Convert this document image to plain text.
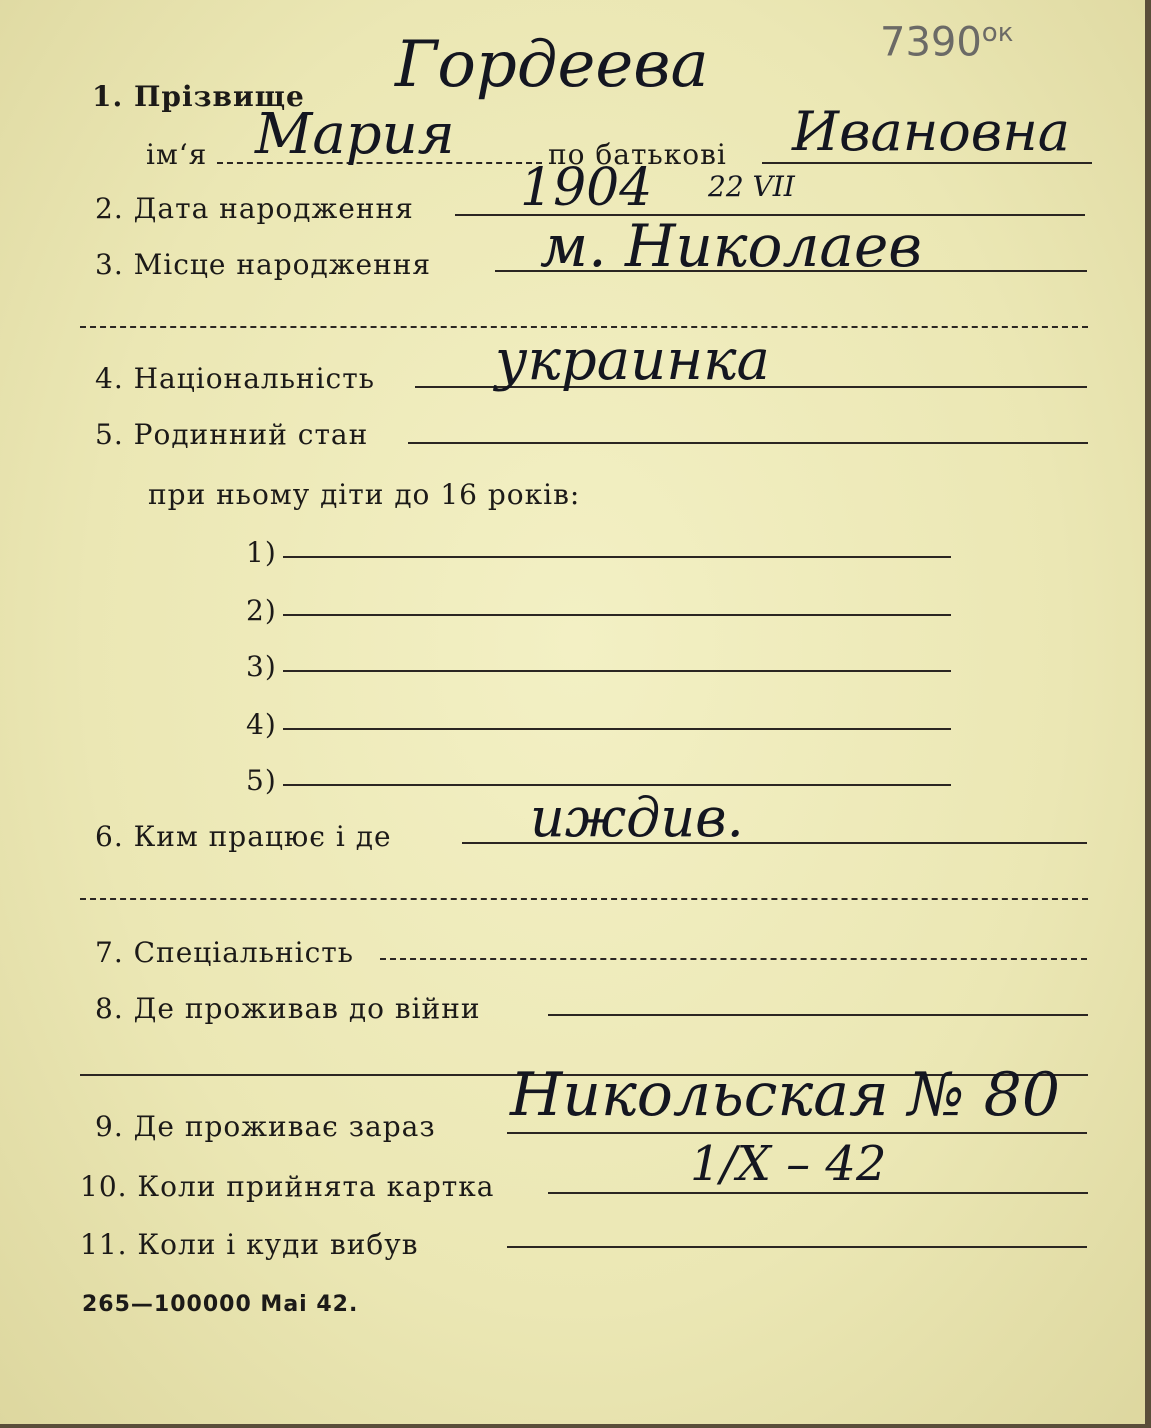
$7390^{ок}$
1. Прізвище Гордеева
ім‘я Мария	по батькові Ивановна
2. Дата народження 1904 22 VII
3. Місце народження м. Николаев
4. Національність украинка
5. Родинний стан
при ньому діти до 16 років:
1)
2)
3)
4)
5)
6. Ким працює і де	иждив.
7. Спеціальність
8. Де проживав до війни
9. Де проживає зараз Никольская № 80
10. Коли прийнята картка	1/X – 42
11. Коли і куди вибув
265—100000 Mai 42.
